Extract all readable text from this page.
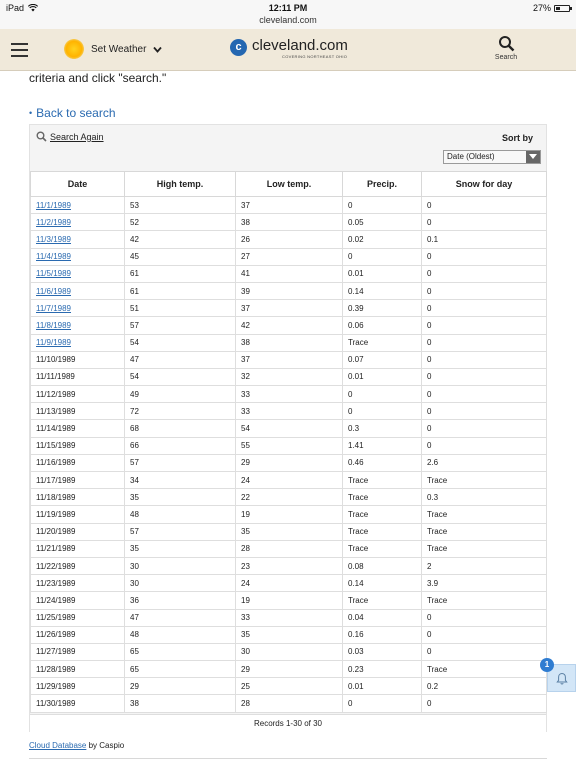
iPad	12:11 PM
cleveland.com
27%
Set Weather	c cleveland.com
COVERING NORTHEAST OHIO	Search
criteria and click "search."
• Back to search
Search Again	Sort by
Date (Oldest)
Date	High temp.	Low temp.	Precip.	Snow for day
11/1/1989	53	37	0	0
11/2/1989	52	38	0.05	0
11/3/1989	42	26	0.02	0.1
11/4/1989	45	27	0	0
11/5/1989	61	41	0.01	0
11/6/1989	61	39	0.14	0
11/7/1989	51	37	0.39	0
11/8/1989	57	42	0.06	0
11/9/1989	54	38	Trace	0
11/10/1989	47	37	0.07	0
11/11/1989	54	32	0.01	0
11/12/1989	49	33	0	0
11/13/1989	72	33	0	0
11/14/1989	68	54	0.3	0
11/15/1989	66	55	1.41	0
11/16/1989	57	29	0.46	2.6
11/17/1989	34	24	Trace	Trace
11/18/1989	35	22	Trace	0.3
11/19/1989	48	19	Trace	Trace
11/20/1989	57	35	Trace	Trace
11/21/1989	35	28	Trace	Trace
11/22/1989	30	23	0.08	2
11/23/1989	30	24	0.14	3.9
11/24/1989	36	19	Trace	Trace
11/25/1989	47	33	0.04	0
11/26/1989	48	35	0.16	0
11/27/1989	65	30	0.03	0
11/28/1989	65	29	0.23	Trace
11/29/1989	29	25	0.01	0.2
11/30/1989	38	28	0	0
Records 1-30 of 30
Cloud Database by Caspio
1
